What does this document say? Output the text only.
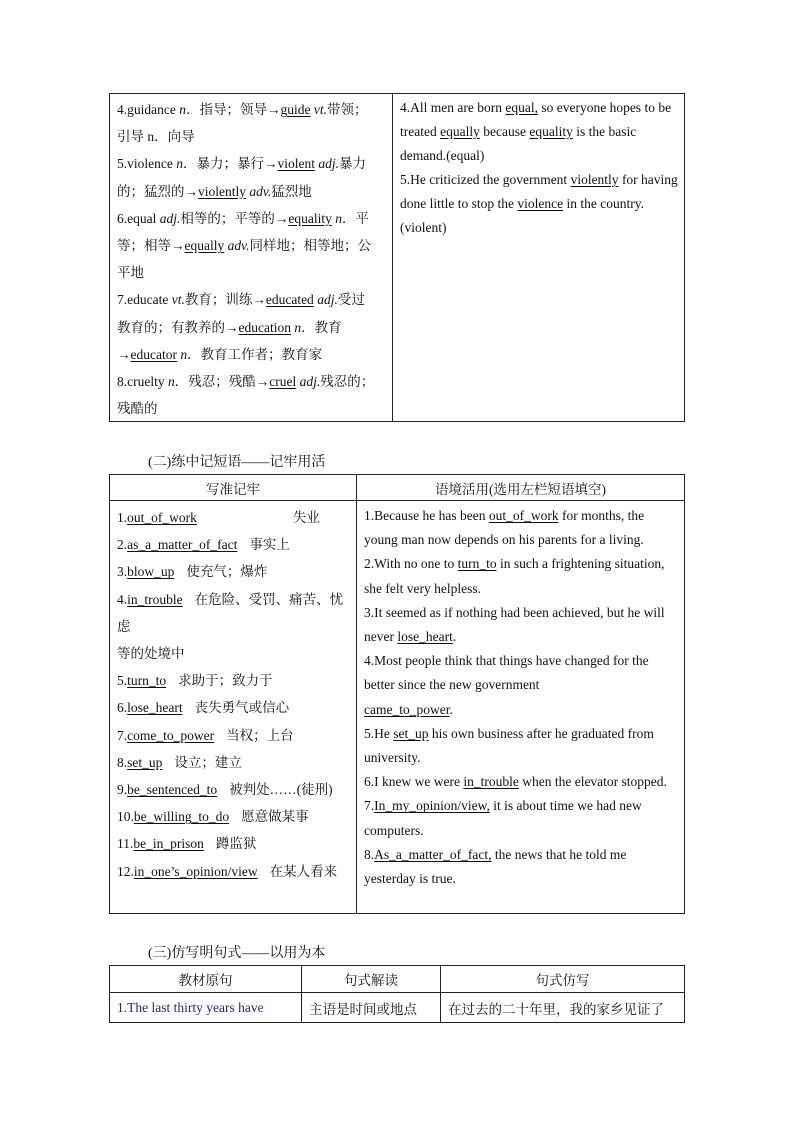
4.guidance n．指导；领导→guide vt.带领；
引导 n．向导
5.violence n．暴力；暴行→violent adj.暴力
的；猛烈的→violently adv.猛烈地
6.equal adj.相等的；平等的→equality n．平
等；相等→equally adv.同样地；相等地；公
平地
7.educate vt.教育；训练→educated adj.受过
教育的；有教养的→education n．教育
→educator n．教育工作者；教育家
8.cruelty n．残忍；残酷→cruel adj.残忍的；
残酷的
4.All men are born equal, so everyone hopes to be treated equally because equality is the basic demand.(equal)
5.He criticized the government violently for having done little to stop the violence in the country.(violent)
(二)练中记短语——记牢用活
写准记牢	语境活用(选用左栏短语填空)
1.out_of_work	失业
2.as_a_matter_of_fact 事实上
3.blow_up 使充气；爆炸
4.in_trouble 在危险、受罚、痛苦、忧虑
等的处境中
5.turn_to 求助于；致力于
6.lose_heart 丧失勇气或信心
7.come_to_power 当权；上台
8.set_up 设立；建立
9.be_sentenced_to 被判处……(徒刑)
10.be_willing_to_do 愿意做某事
11.be_in_prison 蹲监狱
12.in_one’s_opinion/view 在某人看来
1.Because he has been out_of_work for months, the young man now depends on his parents for a living.
2.With no one to turn_to in such a frightening situation, she felt very helpless.
3.It seemed as if nothing had been achieved, but he will never lose_heart.
4.Most people think that things have changed for the better since the new government
came_to_power.
5.He set_up his own business after he graduated from university.
6.I knew we were in_trouble when the elevator stopped.
7.In_my_opinion/view, it is about time we had new computers.
8.As_a_matter_of_fact, the news that he told me yesterday is true.
(三)仿写明句式——以用为本
教材原句	句式解读	句式仿写
1.The last thirty years have	主语是时间或地点	在过去的二十年里，我的家乡见证了
